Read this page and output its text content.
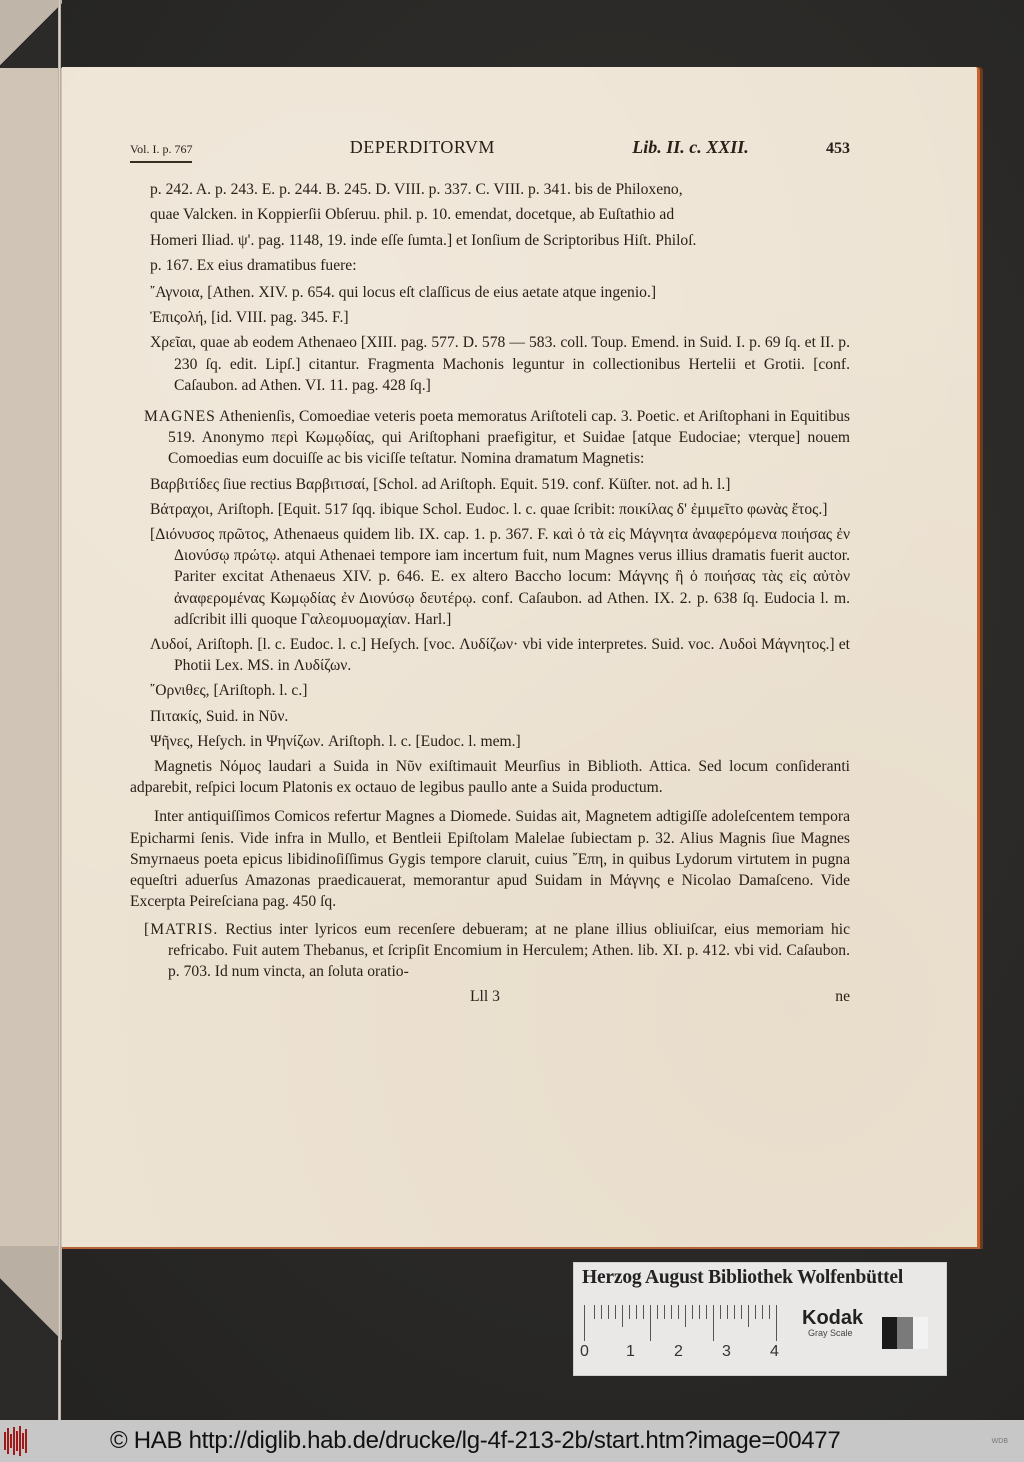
Vol. I. p. 767	DEPERDITORVM	Lib. II. c. XXII.	453
p. 242. A. p. 243. E. p. 244. B. 245. D. VIII. p. 337. C. VIII. p. 341. bis de Philoxeno,
quae Valcken. in Koppierſii Obſeruu. phil. p. 10. emendat, docetque, ab Euſtathio ad
Homeri Iliad. ψ'. pag. 1148, 19. inde eſſe ſumta.] et Ionſium de Scriptoribus Hiſt. Philoſ.
p. 167. Ex eius dramatibus fuere:
῎Αγνοια, [Athen. XIV. p. 654. qui locus eſt claſſicus de eius aetate atque ingenio.]
Ἐπιςολή, [id. VIII. pag. 345. F.]
Χρεῖαι, quae ab eodem Athenaeo [XIII. pag. 577. D. 578 — 583. coll. Toup. Emend. in Suid. I. p. 69 ſq. et II. p. 230 ſq. edit. Lipſ.] citantur. Fragmenta Machonis leguntur in collectionibus Hertelii et Grotii. [conf. Caſaubon. ad Athen. VI. 11. pag. 428 ſq.]
MAGNES Athenienſis, Comoediae veteris poeta memoratus Ariſtoteli cap. 3. Poetic. et Ariſtophani in Equitibus 519. Anonymo περὶ Κωμῳδίας, qui Ariſtophani praefigitur, et Suidae [atque Eudociae; vterque] nouem Comoedias eum docuiſſe ac bis viciſſe teſtatur. Nomina dramatum Magnetis:
Βαρβιτίδες ſiue rectius Βαρβιτισαί, [Schol. ad Ariſtoph. Equit. 519. conf. Küſter. not. ad h. l.]
Βάτραχοι, Ariſtoph. [Equit. 517 ſqq. ibique Schol. Eudoc. l. c. quae ſcribit: ποικίλας δ' ἐμιμεῖτο φωνὰς ἔτος.]
[Διόνυσος πρῶτος, Athenaeus quidem lib. IX. cap. 1. p. 367. F. καὶ ὁ τὰ εἰς Μάγνητα ἀναφερόμενα ποιήσας ἐν Διονύσῳ πρώτῳ. atqui Athenaei tempore iam incertum fuit, num Magnes verus illius dramatis fuerit auctor. Pariter excitat Athenaeus XIV. p. 646. E. ex altero Baccho locum: Μάγνης ἢ ὁ ποιήσας τὰς εἰς αὐτὸν ἀναφερομένας Κωμῳδίας ἐν Διονύσῳ δευτέρῳ. conf. Caſaubon. ad Athen. IX. 2. p. 638 ſq. Eudocia l. m. adſcribit illi quoque Γαλεομυομαχίαν. Harl.]
Λυδοί, Ariſtoph. [l. c. Eudoc. l. c.] Heſych. [voc. Λυδίζων· vbi vide interpretes. Suid. voc. Λυδοὶ Μάγνητος.] et Photii Lex. MS. in Λυδίζων.
῎Ορνιθες, [Ariſtoph. l. c.]
Πιτακίς, Suid. in Νῦν.
Ψῆνες, Heſych. in Ψηνίζων. Ariſtoph. l. c. [Eudoc. l. mem.]
Magnetis Νόμος laudari a Suida in Νῦν exiſtimauit Meurſius in Biblioth. Attica. Sed locum conſideranti adparebit, reſpici locum Platonis ex octauo de legibus paullo ante a Suida productum.
Inter antiquiſſimos Comicos refertur Magnes a Diomede. Suidas ait, Magnetem adtigiſſe adoleſcentem tempora Epicharmi ſenis. Vide infra in Mullo, et Bentleii Epiſtolam Malelae ſubiectam p. 32. Alius Magnis ſiue Magnes Smyrnaeus poeta epicus libidinoſiſſimus Gygis tempore claruit, cuius ῎Επη, in quibus Lydorum virtutem in pugna equeſtri aduerſus Amazonas praedicauerat, memorantur apud Suidam in Μάγνης e Nicolao Damaſceno. Vide Excerpta Peireſciana pag. 450 ſq.
[MATRIS. Rectius inter lyricos eum recenſere debueram; at ne plane illius obliuiſcar, eius memoriam hic refricabo. Fuit autem Thebanus, et ſcripſit Encomium in Herculem; Athen. lib. XI. p. 412. vbi vid. Caſaubon. p. 703. Id num vincta, an ſoluta oratio-
Lll 3	ne
Herzog August Bibliothek Wolfenbüttel
0 1 2 3 4
Kodak
Gray Scale
© HAB http://diglib.hab.de/drucke/lg-4f-213-2b/start.htm?image=00477	WDB
